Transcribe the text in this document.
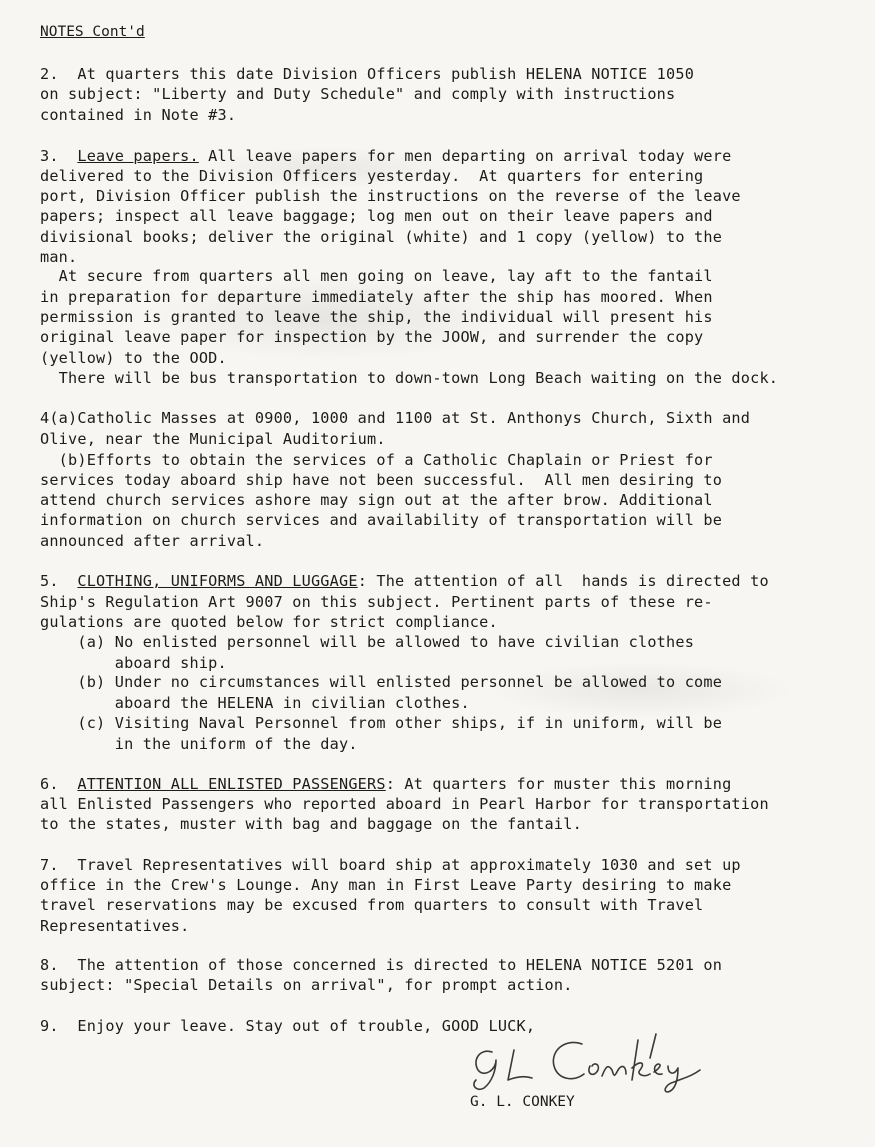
NOTES Cont'd
2.  At quarters this date Division Officers publish HELENA NOTICE 1050
on subject: "Liberty and Duty Schedule" and comply with instructions
contained in Note #3.
3.  Leave papers. All leave papers for men departing on arrival today were
delivered to the Division Officers yesterday.  At quarters for entering
port, Division Officer publish the instructions on the reverse of the leave
papers; inspect all leave baggage; log men out on their leave papers and
divisional books; deliver the original (white) and 1 copy (yellow) to the
man.
At secure from quarters all men going on leave, lay aft to the fantail
in preparation for departure immediately after the ship has moored. When
permission is granted to leave the ship, the individual will present his
original leave paper for inspection by the JOOW, and surrender the copy
(yellow) to the OOD.
There will be bus transportation to down-town Long Beach waiting on the dock.
4(a)Catholic Masses at 0900, 1000 and 1100 at St. Anthonys Church, Sixth and
Olive, near the Municipal Auditorium.
(b)Efforts to obtain the services of a Catholic Chaplain or Priest for
services today aboard ship have not been successful.  All men desiring to
attend church services ashore may sign out at the after brow. Additional
information on church services and availability of transportation will be
announced after arrival.
5.  CLOTHING, UNIFORMS AND LUGGAGE: The attention of all  hands is directed to
Ship's Regulation Art 9007 on this subject. Pertinent parts of these re-
gulations are quoted below for strict compliance.
(a) No enlisted personnel will be allowed to have civilian clothes
aboard ship.
(b) Under no circumstances will enlisted personnel be allowed to come
aboard the HELENA in civilian clothes.
(c) Visiting Naval Personnel from other ships, if in uniform, will be
in the uniform of the day.
6.  ATTENTION ALL ENLISTED PASSENGERS: At quarters for muster this morning
all Enlisted Passengers who reported aboard in Pearl Harbor for transportation
to the states, muster with bag and baggage on the fantail.
7.  Travel Representatives will board ship at approximately 1030 and set up
office in the Crew's Lounge. Any man in First Leave Party desiring to make
travel reservations may be excused from quarters to consult with Travel
Representatives.
8.  The attention of those concerned is directed to HELENA NOTICE 5201 on
subject: "Special Details on arrival", for prompt action.
9.  Enjoy your leave. Stay out of trouble, GOOD LUCK,
G. L. CONKEY
